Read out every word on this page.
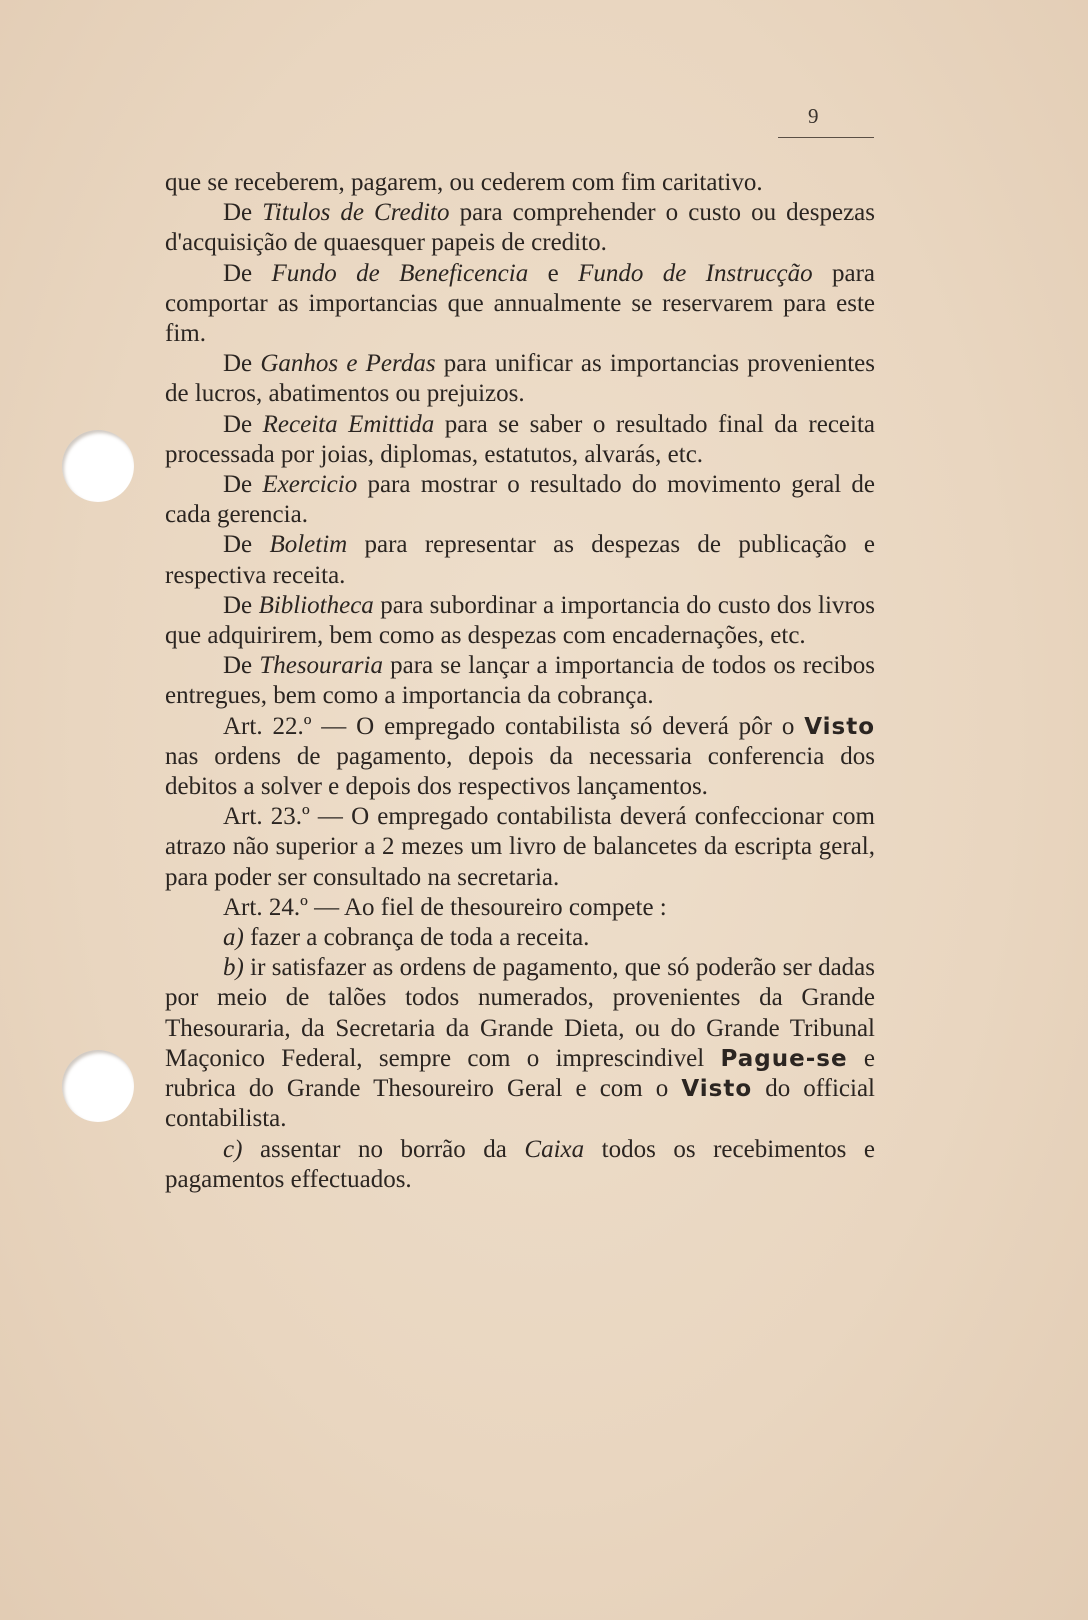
9

que se receberem, pagarem, ou cederem com fim caritativo.

De Titulos de Credito para comprehender o custo ou despezas d'acquisição de quaesquer papeis de credito.

De Fundo de Beneficencia e Fundo de Instrucção para comportar as importancias que annualmente se reservarem para este fim.

De Ganhos e Perdas para unificar as importancias provenientes de lucros, abatimentos ou prejuizos.

De Receita Emittida para se saber o resultado final da receita processada por joias, diplomas, estatutos, alvarás, etc.

De Exercicio para mostrar o resultado do movimento geral de cada gerencia.

De Boletim para representar as despezas de publicação e respectiva receita.

De Bibliotheca para subordinar a importancia do custo dos livros que adquirirem, bem como as despezas com encadernações, etc.

De Thesouraria para se lançar a importancia de todos os recibos entregues, bem como a importancia da cobrança.

Art. 22.º — O empregado contabilista só deverá pôr o Visto nas ordens de pagamento, depois da necessaria conferencia dos debitos a solver e depois dos respectivos lançamentos.

Art. 23.º — O empregado contabilista deverá confeccionar com atrazo não superior a 2 mezes um livro de balancetes da escripta geral, para poder ser consultado na secretaria.

Art. 24.º — Ao fiel de thesoureiro compete :

a) fazer a cobrança de toda a receita.

b) ir satisfazer as ordens de pagamento, que só poderão ser dadas por meio de talões todos numerados, provenientes da Grande Thesouraria, da Secretaria da Grande Dieta, ou do Grande Tribunal Maçonico Federal, sempre com o imprescindivel Pague-se e rubrica do Grande Thesoureiro Geral e com o Visto do official contabilista.

c) assentar no borrão da Caixa todos os recebimentos e pagamentos effectuados.
